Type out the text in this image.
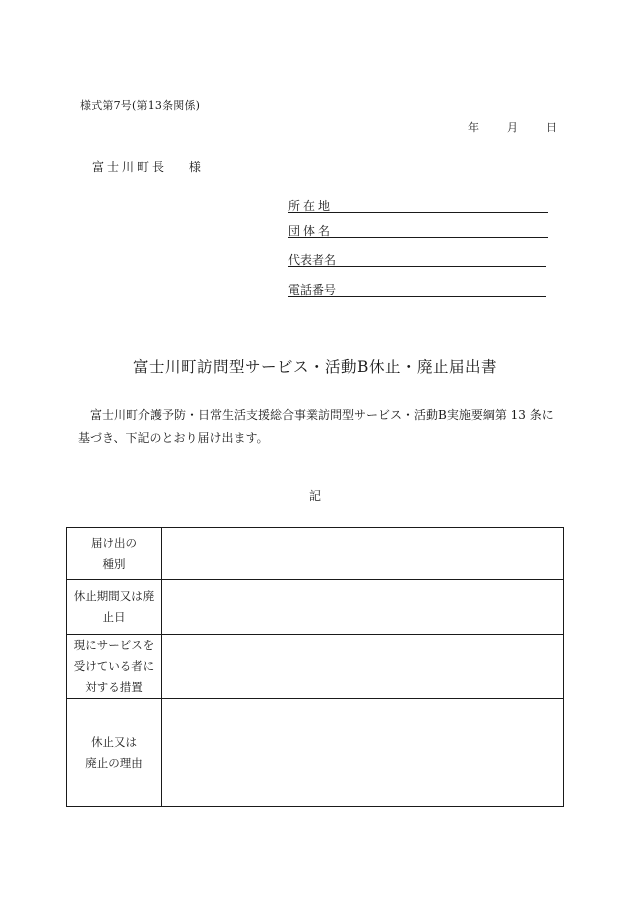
様式第7号(第13条関係)
年	月	日
富士川町長 様
所在地
団体名
代表者名
電話番号
富士川町訪問型サービス・活動B休止・廃止届出書
富士川町介護予防・日常生活支援総合事業訪問型サービス・活動B実施要綱第 13 条に基づき、下記のとおり届け出ます。
記
届け出の
種別	

休止期間又は廃
止日	

現にサービスを
受けている者に
対する措置	

休止又は
廃止の理由	
